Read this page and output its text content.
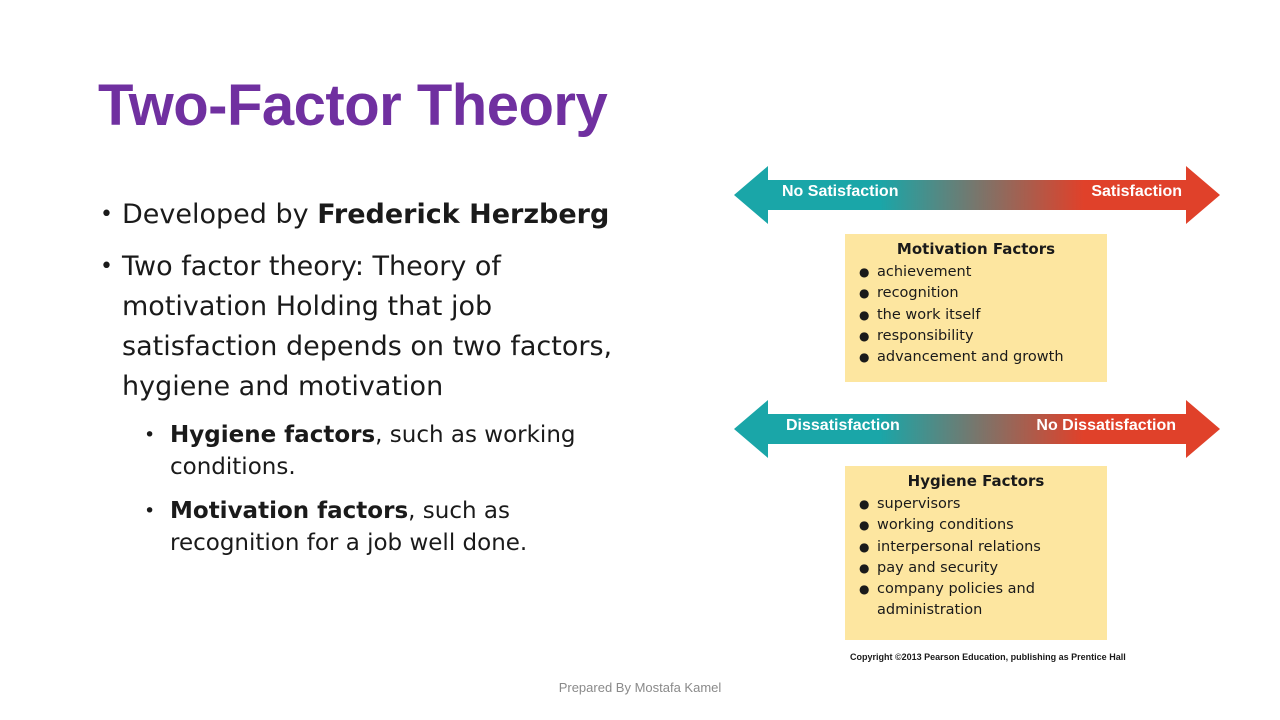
Two-Factor Theory
• Developed by Frederick Herzberg
• Two factor theory: Theory of motivation Holding that job satisfaction depends on two factors, hygiene and motivation
• Hygiene factors, such as working conditions.
• Motivation factors, such as recognition for a job well done.
No Satisfaction	Satisfaction
Motivation Factors
● achievement
● recognition
● the work itself
● responsibility
● advancement and growth
Dissatisfaction	No Dissatisfaction
Hygiene Factors
● supervisors
● working conditions
● interpersonal relations
● pay and security
● company policies and administration
Copyright ©2013 Pearson Education, publishing as Prentice Hall
Prepared By Mostafa Kamel
